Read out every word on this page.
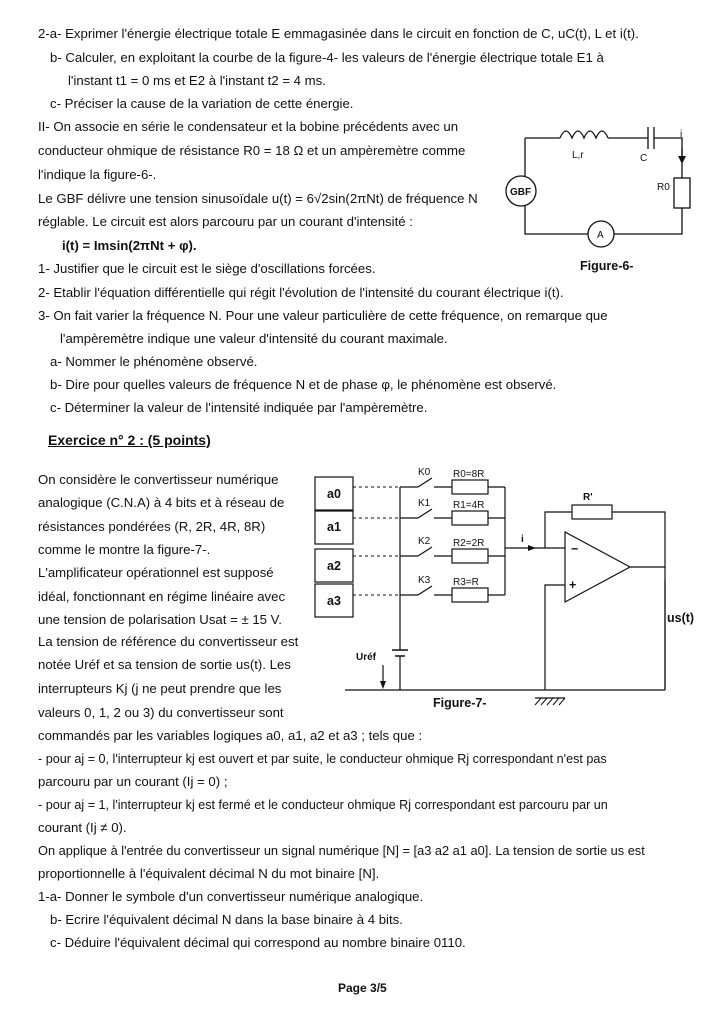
2-a- Exprimer l'énergie électrique totale E emmagasinée dans le circuit en fonction de C, uC(t), L et i(t).
b- Calculer, en exploitant la courbe de la figure-4- les valeurs de l'énergie électrique totale E1 à
l'instant t1 = 0 ms et E2 à l'instant t2 = 4 ms.
c- Préciser la cause de la variation de cette énergie.
II- On associe en série le condensateur et la bobine précédents avec un
conducteur ohmique de résistance R0 = 18 Ω et un ampèremètre comme
l'indique la figure-6-.
Le GBF délivre une tension sinusoïdale u(t) = 6√2sin(2πNt) de fréquence N
réglable. Le circuit est alors parcouru par un courant d'intensité :
i(t) = Imsin(2πNt + φ).
1- Justifier que le circuit est le siège d'oscillations forcées.
2- Etablir l'équation différentielle qui régit l'évolution de l'intensité du courant électrique i(t).
3- On fait varier la fréquence N. Pour une valeur particulière de cette fréquence, on remarque que
l'ampèremètre indique une valeur d'intensité du courant maximale.
a- Nommer le phénomène observé.
b- Dire pour quelles valeurs de fréquence N et de phase φ, le phénomène est observé.
c- Déterminer la valeur de l'intensité indiquée par l'ampèremètre.
L,r	C
R0
i
GBF
A
Figure-6-
Exercice n° 2 : (5 points)
On considère le convertisseur numérique
analogique (C.N.A) à 4 bits et à réseau de
résistances pondérées (R, 2R, 4R, 8R)
comme le montre la figure-7-.
L'amplificateur opérationnel est supposé
idéal, fonctionnant en régime linéaire avec
une tension de polarisation Usat = ± 15 V.
La tension de référence du convertisseur est
notée Uréf et sa tension de sortie us(t). Les
interrupteurs Kj (j ne peut prendre que les
valeurs 0, 1, 2 ou 3) du convertisseur sont
commandés par les variables logiques a0, a1, a2 et a3 ; tels que :
- pour aj = 0, l'interrupteur kj est ouvert et par suite, le conducteur ohmique Rj correspondant n'est pas
parcouru par un courant (Ij = 0) ;
- pour aj = 1, l'interrupteur kj est fermé et le conducteur ohmique Rj correspondant est parcouru par un
courant (Ij ≠ 0).
On applique à l'entrée du convertisseur un signal numérique [N] = [a3 a2 a1 a0]. La tension de sortie us est
proportionnelle à l'équivalent décimal N du mot binaire [N].
1-a- Donner le symbole d'un convertisseur numérique analogique.
b- Ecrire l'équivalent décimal N dans la base binaire à 4 bits.
c- Déduire l'équivalent décimal qui correspond au nombre binaire 0110.
a0
a1
a2
a3
K0
K1
K2
K3
R0=8R
R1=4R
R2=2R
R3=R
R'
i
−
+
Uréf
us(t)
Figure-7-
Page 3/5
